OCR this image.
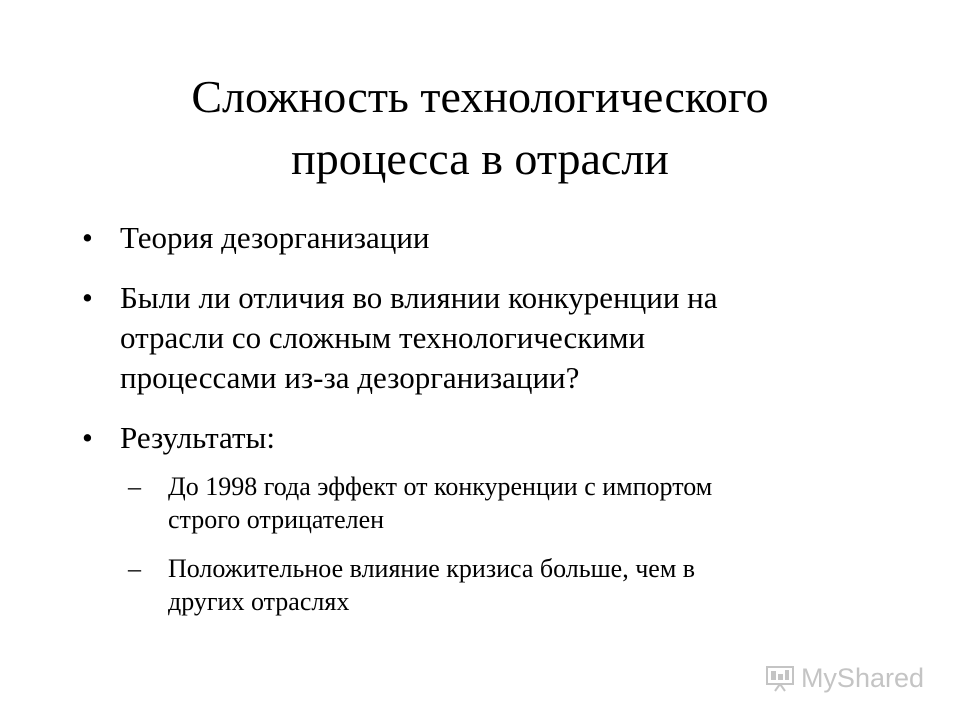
Сложность технологического
процесса в отрасли
• Теория дезорганизации
• Были ли отличия во влиянии конкуренции на
отрасли со сложным технологическими
процессами из-за дезорганизации?
• Результаты:
– До 1998 года эффект от конкуренции с импортом
строго отрицателен
– Положительное влияние кризиса больше, чем в
других отраслях
MyShared
